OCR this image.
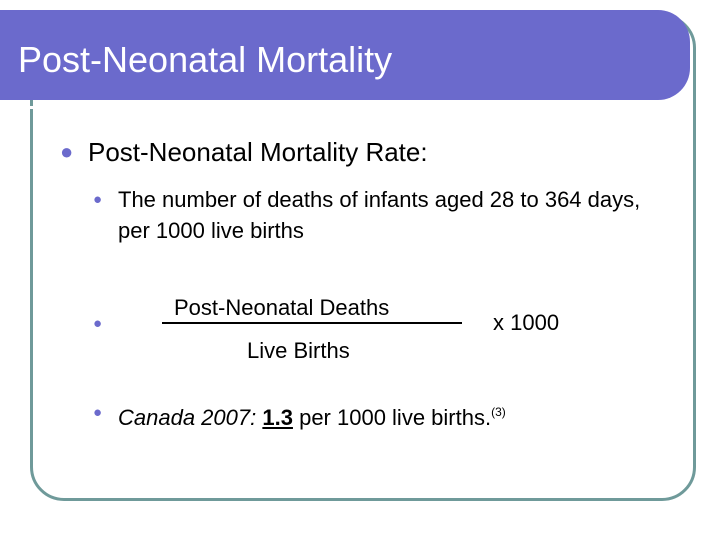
Post-Neonatal Mortality
● Post-Neonatal Mortality Rate:
● The number of deaths of infants aged 28 to 364 days, per 1000 live births
●
Post-Neonatal Deaths
Live Births
x 1000
● Canada 2007: 1.3 per 1000 live births.$^{(3)}$
